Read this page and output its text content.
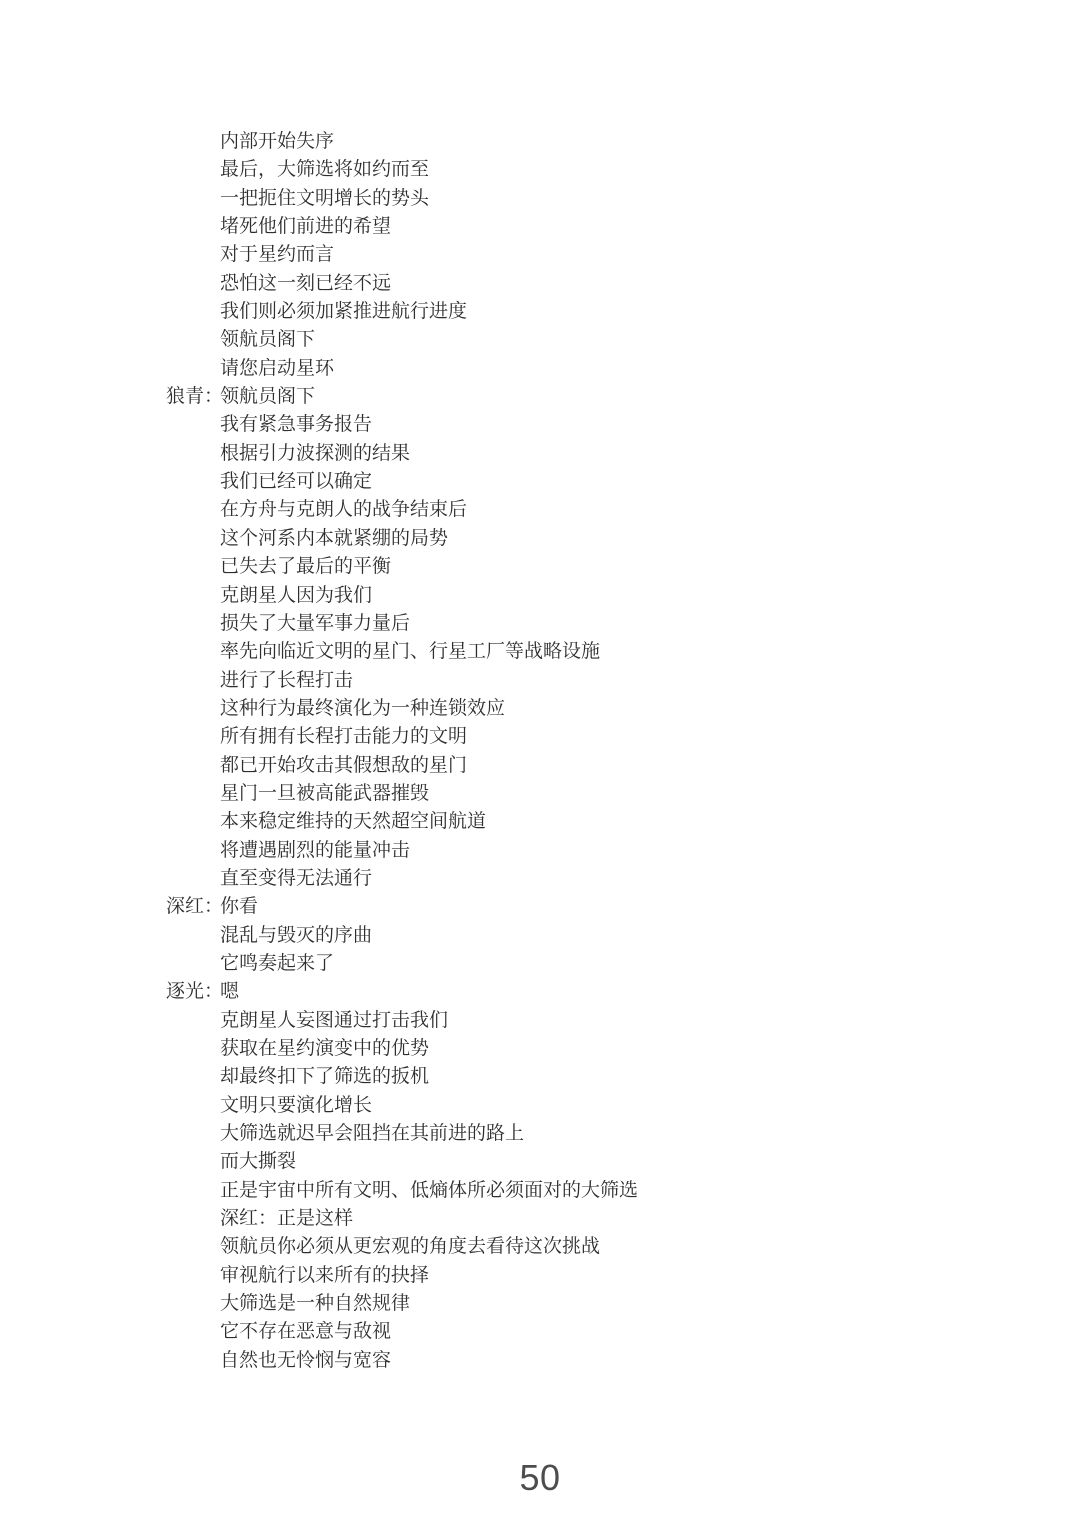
内部开始失序
最后，大筛选将如约而至
一把扼住文明增长的势头
堵死他们前进的希望
对于星约而言
恐怕这一刻已经不远
我们则必须加紧推进航行进度
领航员阁下
请您启动星环
狼青：
领航员阁下
我有紧急事务报告
根据引力波探测的结果
我们已经可以确定
在方舟与克朗人的战争结束后
这个河系内本就紧绷的局势
已失去了最后的平衡
克朗星人因为我们
损失了大量军事力量后
率先向临近文明的星门、行星工厂等战略设施
进行了长程打击
这种行为最终演化为一种连锁效应
所有拥有长程打击能力的文明
都已开始攻击其假想敌的星门
星门一旦被高能武器摧毁
本来稳定维持的天然超空间航道
将遭遇剧烈的能量冲击
直至变得无法通行
深红：
你看
混乱与毁灭的序曲
它鸣奏起来了
逐光：
嗯
克朗星人妄图通过打击我们
获取在星约演变中的优势
却最终扣下了筛选的扳机
文明只要演化增长
大筛选就迟早会阻挡在其前进的路上
而大撕裂
正是宇宙中所有文明、低熵体所必须面对的大筛选
深红：正是这样
领航员你必须从更宏观的角度去看待这次挑战
审视航行以来所有的抉择
大筛选是一种自然规律
它不存在恶意与敌视
自然也无怜悯与宽容
50
